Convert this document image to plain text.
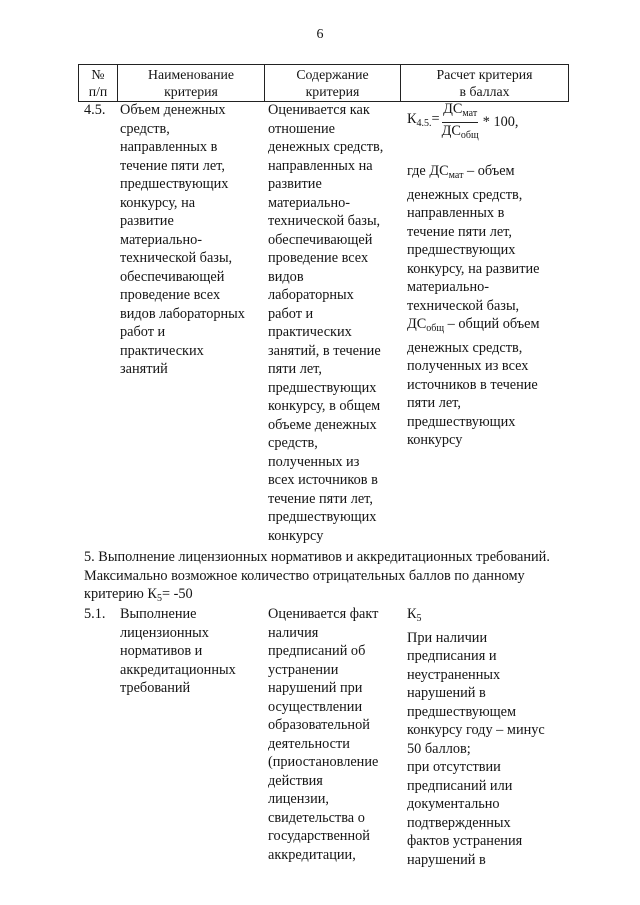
6
№
п/п
Наименование
критерия
Содержание
критерия
Расчет критерия
в баллах
4.5. Объем денежных
средств,
направленных в
течение пяти лет,
предшествующих
конкурсу, на
развитие
материально-
технической базы,
обеспечивающей
проведение всех
видов лабораторных
работ и
практических
занятий
Оценивается как
отношение
денежных средств,
направленных на
развитие
материально-
технической базы,
обеспечивающей
проведение всех
видов
лабораторных
работ и
практических
занятий, в течение
пяти лет,
предшествующих
конкурсу, в общем
объеме денежных
средств,
полученных из
всех источников в
течение пяти лет,
предшествующих
конкурсу
$К_{4.5.}= \frac{ДС_{мат}}{ДС_{общ}} * 100$,
где $ДС_{мат}$ – объем
денежных средств,
направленных в
течение пяти лет,
предшествующих
конкурсу, на развитие
материально-
технической базы,
$ДС_{общ}$ – общий объем
денежных средств,
полученных из всех
источников в течение
пяти лет,
предшествующих
конкурсу
5. Выполнение лицензионных нормативов и аккредитационных требований.
Максимально возможное количество отрицательных баллов по данному
критерию $К_5= -50$
5.1. Выполнение
лицензионных
нормативов и
аккредитационных
требований
Оценивается факт
наличия
предписаний об
устранении
нарушений при
осуществлении
образовательной
деятельности
(приостановление
действия
лицензии,
свидетельства о
государственной
аккредитации,
$К_5$
При наличии
предписания и
неустраненных
нарушений в
предшествующем
конкурсу году – минус
50 баллов;
при отсутствии
предписаний или
документально
подтвержденных
фактов устранения
нарушений в
